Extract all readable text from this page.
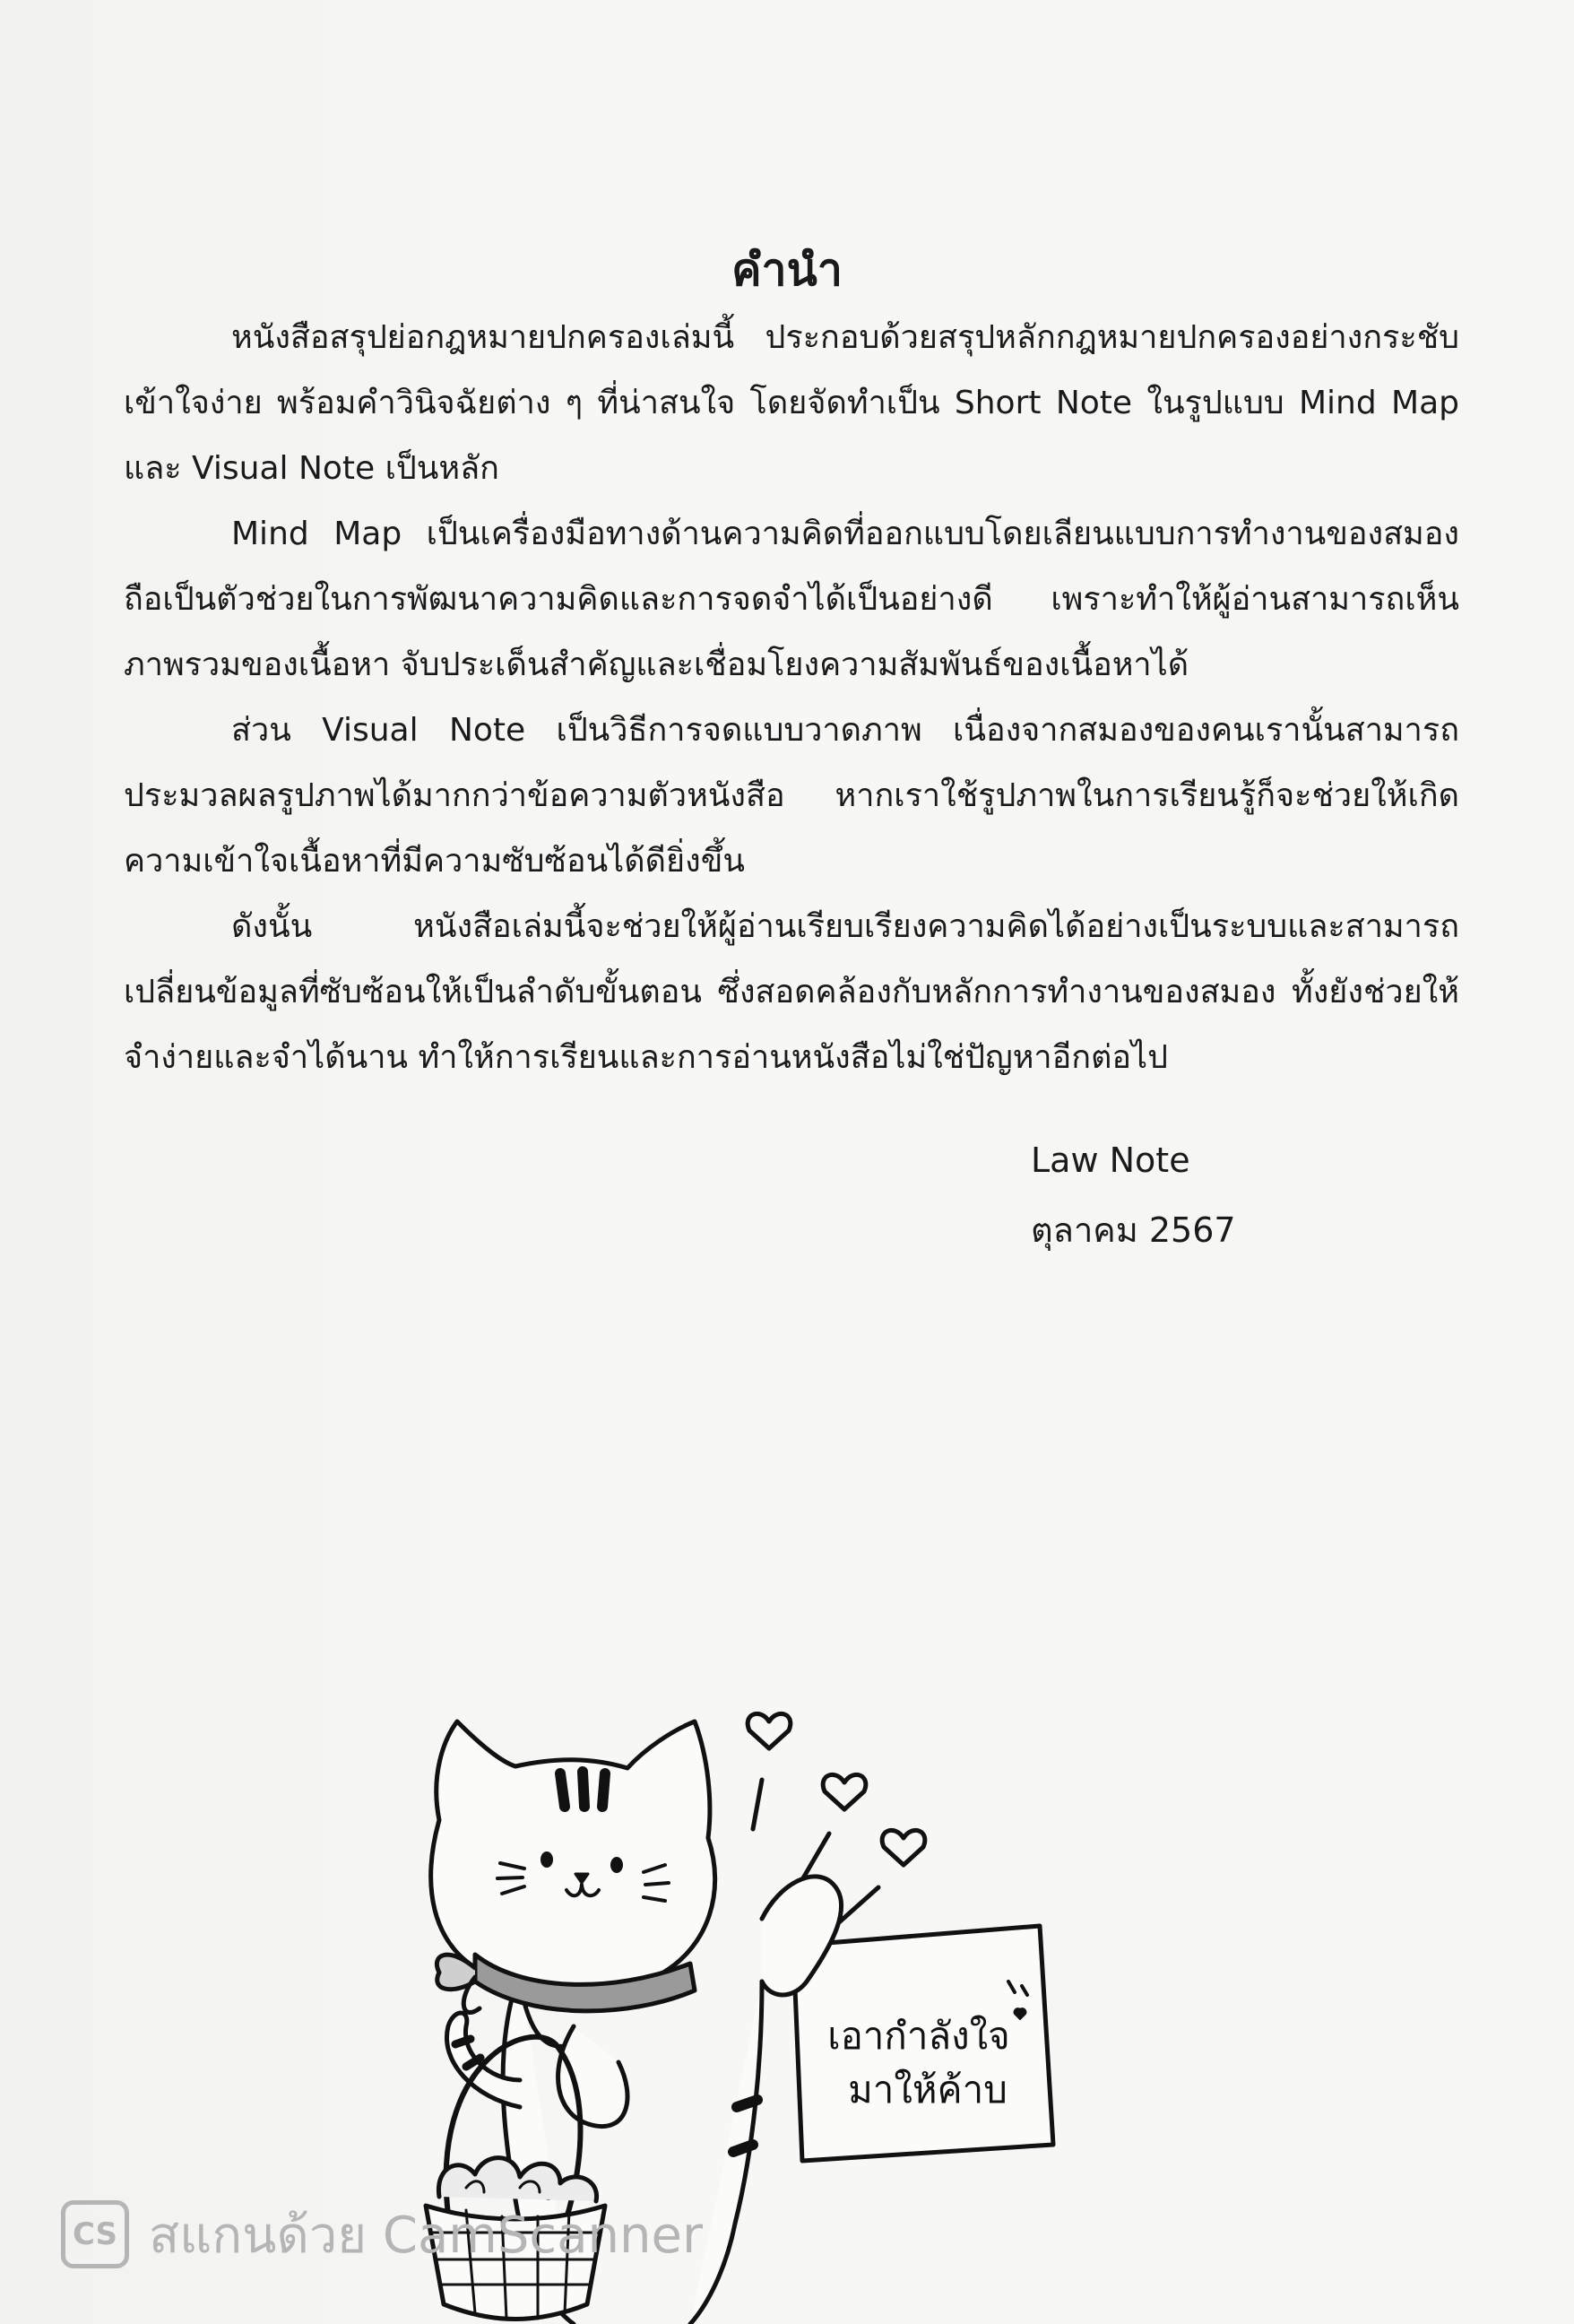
คำนำ

หนังสือสรุปย่อกฎหมายปกครองเล่มนี้ ประกอบด้วยสรุปหลักกฎหมายปกครองอย่างกระชับ เข้าใจง่าย พร้อมคำวินิจฉัยต่าง ๆ ที่น่าสนใจ โดยจัดทำเป็น Short Note ในรูปแบบ Mind Map และ Visual Note เป็นหลัก

Mind Map เป็นเครื่องมือทางด้านความคิดที่ออกแบบโดยเลียนแบบการทำงานของสมอง ถือเป็นตัวช่วยในการพัฒนาความคิดและการจดจำได้เป็นอย่างดี เพราะทำให้ผู้อ่านสามารถเห็นภาพรวมของเนื้อหา จับประเด็นสำคัญและเชื่อมโยงความสัมพันธ์ของเนื้อหาได้

ส่วน Visual Note เป็นวิธีการจดแบบวาดภาพ เนื่องจากสมองของคนเรานั้นสามารถประมวลผลรูปภาพได้มากกว่าข้อความตัวหนังสือ หากเราใช้รูปภาพในการเรียนรู้ก็จะช่วยให้เกิดความเข้าใจเนื้อหาที่มีความซับซ้อนได้ดียิ่งขึ้น

ดังนั้น หนังสือเล่มนี้จะช่วยให้ผู้อ่านเรียบเรียงความคิดได้อย่างเป็นระบบและสามารถเปลี่ยนข้อมูลที่ซับซ้อนให้เป็นลำดับขั้นตอน ซึ่งสอดคล้องกับหลักการทำงานของสมอง ทั้งยังช่วยให้จำง่ายและจำได้นาน ทำให้การเรียนและการอ่านหนังสือไม่ใช่ปัญหาอีกต่อไป

Law Note
ตุลาคม 2567
เอากำลังใจ
มาให้ค้าบ
CS สแกนด้วย CamScanner
